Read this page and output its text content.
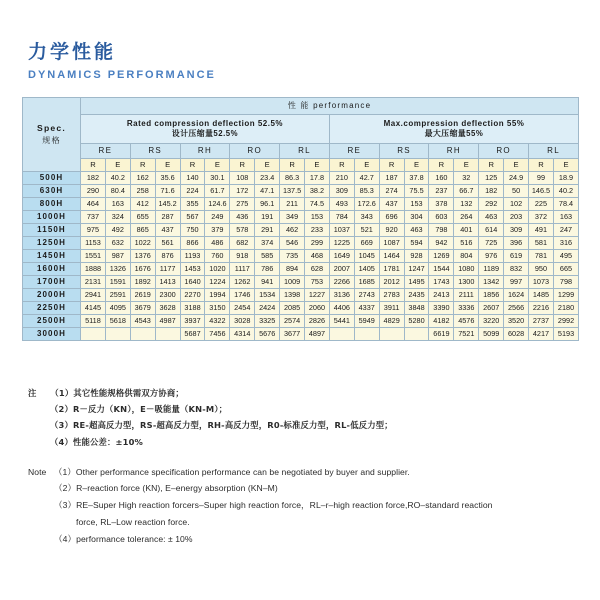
力学性能
DYNAMICS PERFORMANCE
Spec.
规格	性 能 performance																			
	Rated compression deflection 52.5%
设计压缩量52.5%										Max.compression deflection 55%
最大压缩量55%									

	RE		RS		RH		RO		RL		RE		RS		RH		RO		RL	
	R	E	R	E	R	E	R	E	R	E	R	E	R	E	R	E	R	E	R	E
500H	182	40.2	162	35.6	140	30.1	108	23.4	86.3	17.8	210	42.7	187	37.8	160	32	125	24.9	99	18.9
630H	290	80.4	258	71.6	224	61.7	172	47.1	137.5	38.2	309	85.3	274	75.5	237	66.7	182	50	146.5	40.2
800H	464	163	412	145.2	355	124.6	275	96.1	211	74.5	493	172.6	437	153	378	132	292	102	225	78.4
1000H	737	324	655	287	567	249	436	191	349	153	784	343	696	304	603	264	463	203	372	163
1150H	975	492	865	437	750	379	578	291	462	233	1037	521	920	463	798	401	614	309	491	247
1250H	1153	632	1022	561	866	486	682	374	546	299	1225	669	1087	594	942	516	725	396	581	316
1450H	1551	987	1376	876	1193	760	918	585	735	468	1649	1045	1464	928	1269	804	976	619	781	495
1600H	1888	1326	1676	1177	1453	1020	1117	786	894	628	2007	1405	1781	1247	1544	1080	1189	832	950	665
1700H	2131	1591	1892	1413	1640	1224	1262	941	1009	753	2266	1685	2012	1495	1743	1300	1342	997	1073	798
2000H	2941	2591	2619	2300	2270	1994	1746	1534	1398	1227	3136	2743	2783	2435	2413	2111	1856	1624	1485	1299
2250H	4145	4095	3679	3628	3188	3150	2454	2424	2085	2060	4406	4337	3911	3848	3390	3336	2607	2566	2216	2180
2500H	5118	5618	4543	4987	3937	4322	3028	3325	2574	2826	5441	5949	4829	5280	4182	4576	3220	3520	2737	2992
3000H					5687	7456	4314	5676	3677	4897					6619	7521	5099	6028	4217	5193
注 （1）其它性能规格供需双方协商；
（2）R－反力（KN），E－吸能量（KN-M）；
（3）RE-超高反力型，RS-超高反力型，RH-高反力型，R0-标准反力型，RL-低反力型；
（4）性能公差：±10%
Note （1）Other performance specification performance can be negotiated by buyer and supplier.
（2）R–reaction force (KN), E–energy absorption (KN–M)
（3）RE–Super High reaction forcers–Super high reaction force，RL–r–high reaction force,RO–standard reaction
force, RL–Low reaction force.
（4）performance tolerance: ± 10%
